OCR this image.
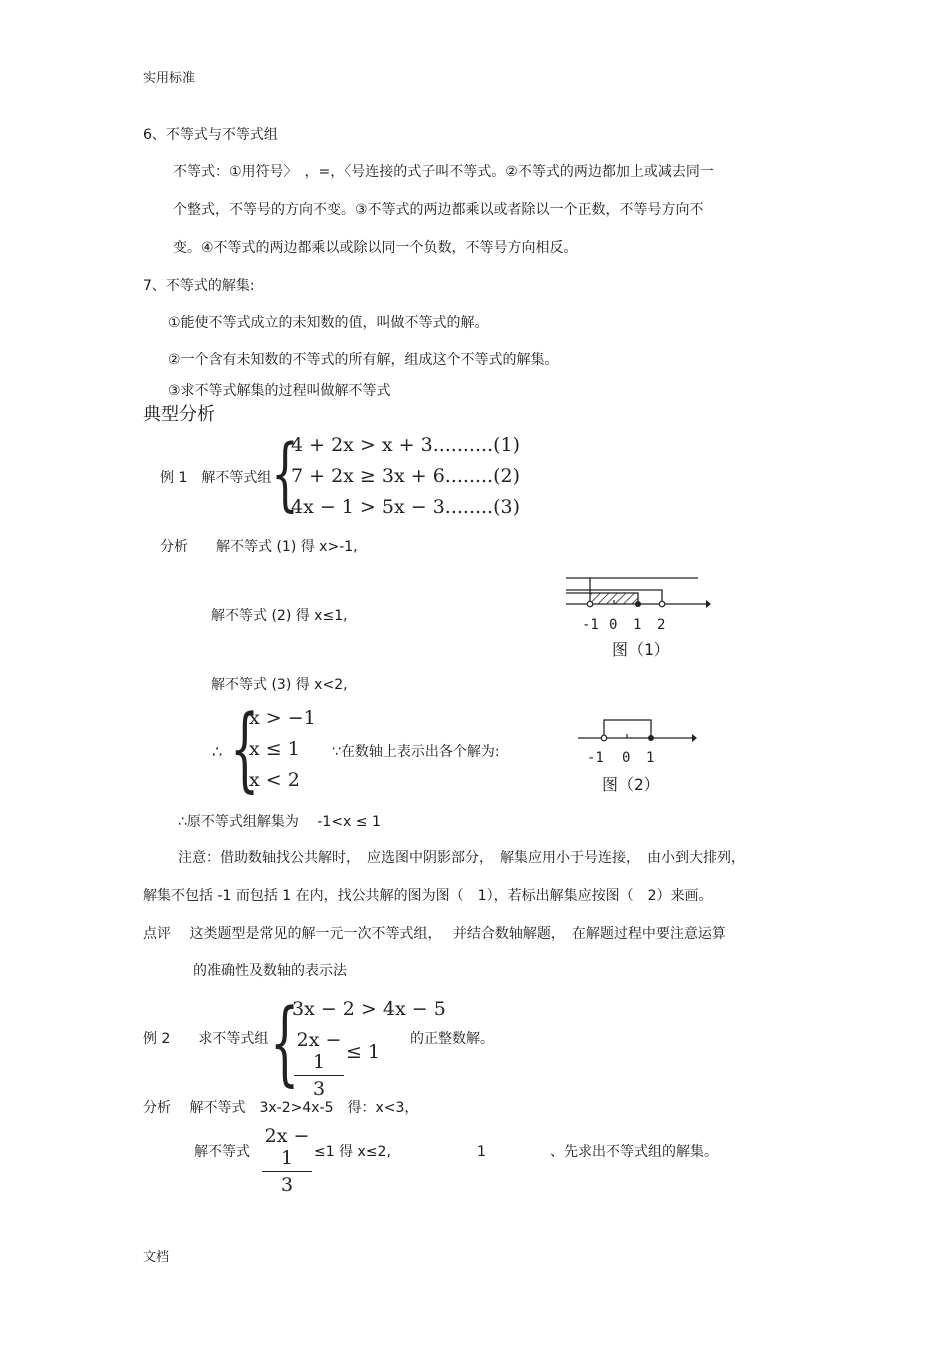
实用标准
6、不等式与不等式组
不等式：①用符号〉　，=，〈号连接的式子叫不等式。②不等式的两边都加上或减去同一
个整式，不等号的方向不变。③不等式的两边都乘以或者除以一个正数，不等号方向不
变。④不等式的两边都乘以或除以同一个负数，不等号方向相反。
7、不等式的解集:
①能使不等式成立的未知数的值，叫做不等式的解。
②一个含有未知数的不等式的所有解，组成这个不等式的解集。
③求不等式解集的过程叫做解不等式
典型分析
例 1　解不等式组 {
4 + 2x > x + 3..........(1)
7 + 2x ≥ 3x + 6........(2)
4x − 1 > 5x − 3........(3)
分析　　解不等式 (1) 得 x>-1,
解不等式 (2) 得 x≤1,
解不等式 (3) 得 x<2,
-1 0 1 2
图（1）
∴ {
x > −1
x ≤ 1
x < 2
∵在数轴上表示出各个解为:	-1 0 1
图（2）
∴原不等式组解集为　 -1<x ≤ 1
注意：借助数轴找公共解时，　应选图中阴影部分，　解集应用小于号连接，　由小到大排列，
解集不包括 -1 而包括 1 在内，找公共解的图为图（　1），若标出解集应按图（　2）来画。
点评　 这类题型是常见的解一元一次不等式组，　 并结合数轴解题，　在解题过程中要注意运算
的准确性及数轴的表示法
例 2　　求不等式组 {
3x − 2 > 4x − 5
2x − 1
3
≤ 1
的正整数解。
分析　 解不等式　3x-2>4x-5　得：x<3，
解不等式
2x − 1
3
≤1 得 x≤2,	1	、先求出不等式组的解集。
文档
